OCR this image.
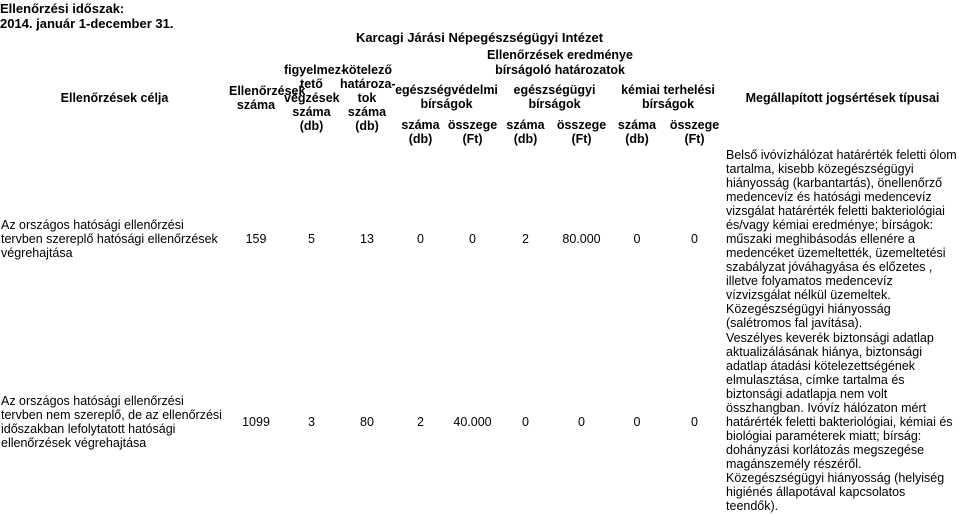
Ellenőrzési időszak:
2014. január 1-december 31.
Karcagi Járási Népegészségügyi Intézet
Ellenőrzések célja	Ellenőrzések száma	figyelmez-tető végzések száma (db)	kötelező határoza-tok száma (db)	Ellenőrzések eredménye						Megállapított jogsértések típusai
				bírságoló határozatok						
				egészségvédelmi bírságok		egészségügyi bírságok		kémiai terhelési bírságok		
				száma (db)	összege (Ft)	száma (db)	összege (Ft)	száma (db)	összege (Ft)	
Az országos hatósági ellenőrzési tervben szereplő hatósági ellenőrzések végrehajtása	159	5	13	0	0	2	80.000	0	0	Belső ivóvízhálózat határérték feletti ólom tartalma, kisebb közegészségügyi hiányosság (karbantartás), önellenőrző medencevíz és hatósági medencevíz vizsgálat határérték feletti bakteriológiai és/vagy kémiai eredménye; bírságok: műszaki meghibásodás ellenére a medencéket üzemeltették, üzemeltetési szabályzat jóváhagyása és előzetes , illetve folyamatos medencevíz vízvizsgálat nélkül üzemeltek. Közegészségügyi hiányosság (salétromos fal javítása).
Az országos hatósági ellenőrzési tervben nem szereplő, de az ellenőrzési időszakban lefolytatott hatósági ellenőrzések végrehajtása	1099	3	80	2	40.000	0	0	0	0	Veszélyes keverék biztonsági adatlap aktualizálásának hiánya, biztonsági adatlap átadási kötelezettségének elmulasztása, címke tartalma és biztonsági adatlapja nem volt összhangban. Ivóvíz hálózaton mért határérték feletti bakteriológiai, kémiai és biológiai paraméterek miatt; bírság: dohányzási korlátozás megszegése magánszemély részéről. Közegészségügyi hiányosság (helyiség higiénés állapotával kapcsolatos teendők).
